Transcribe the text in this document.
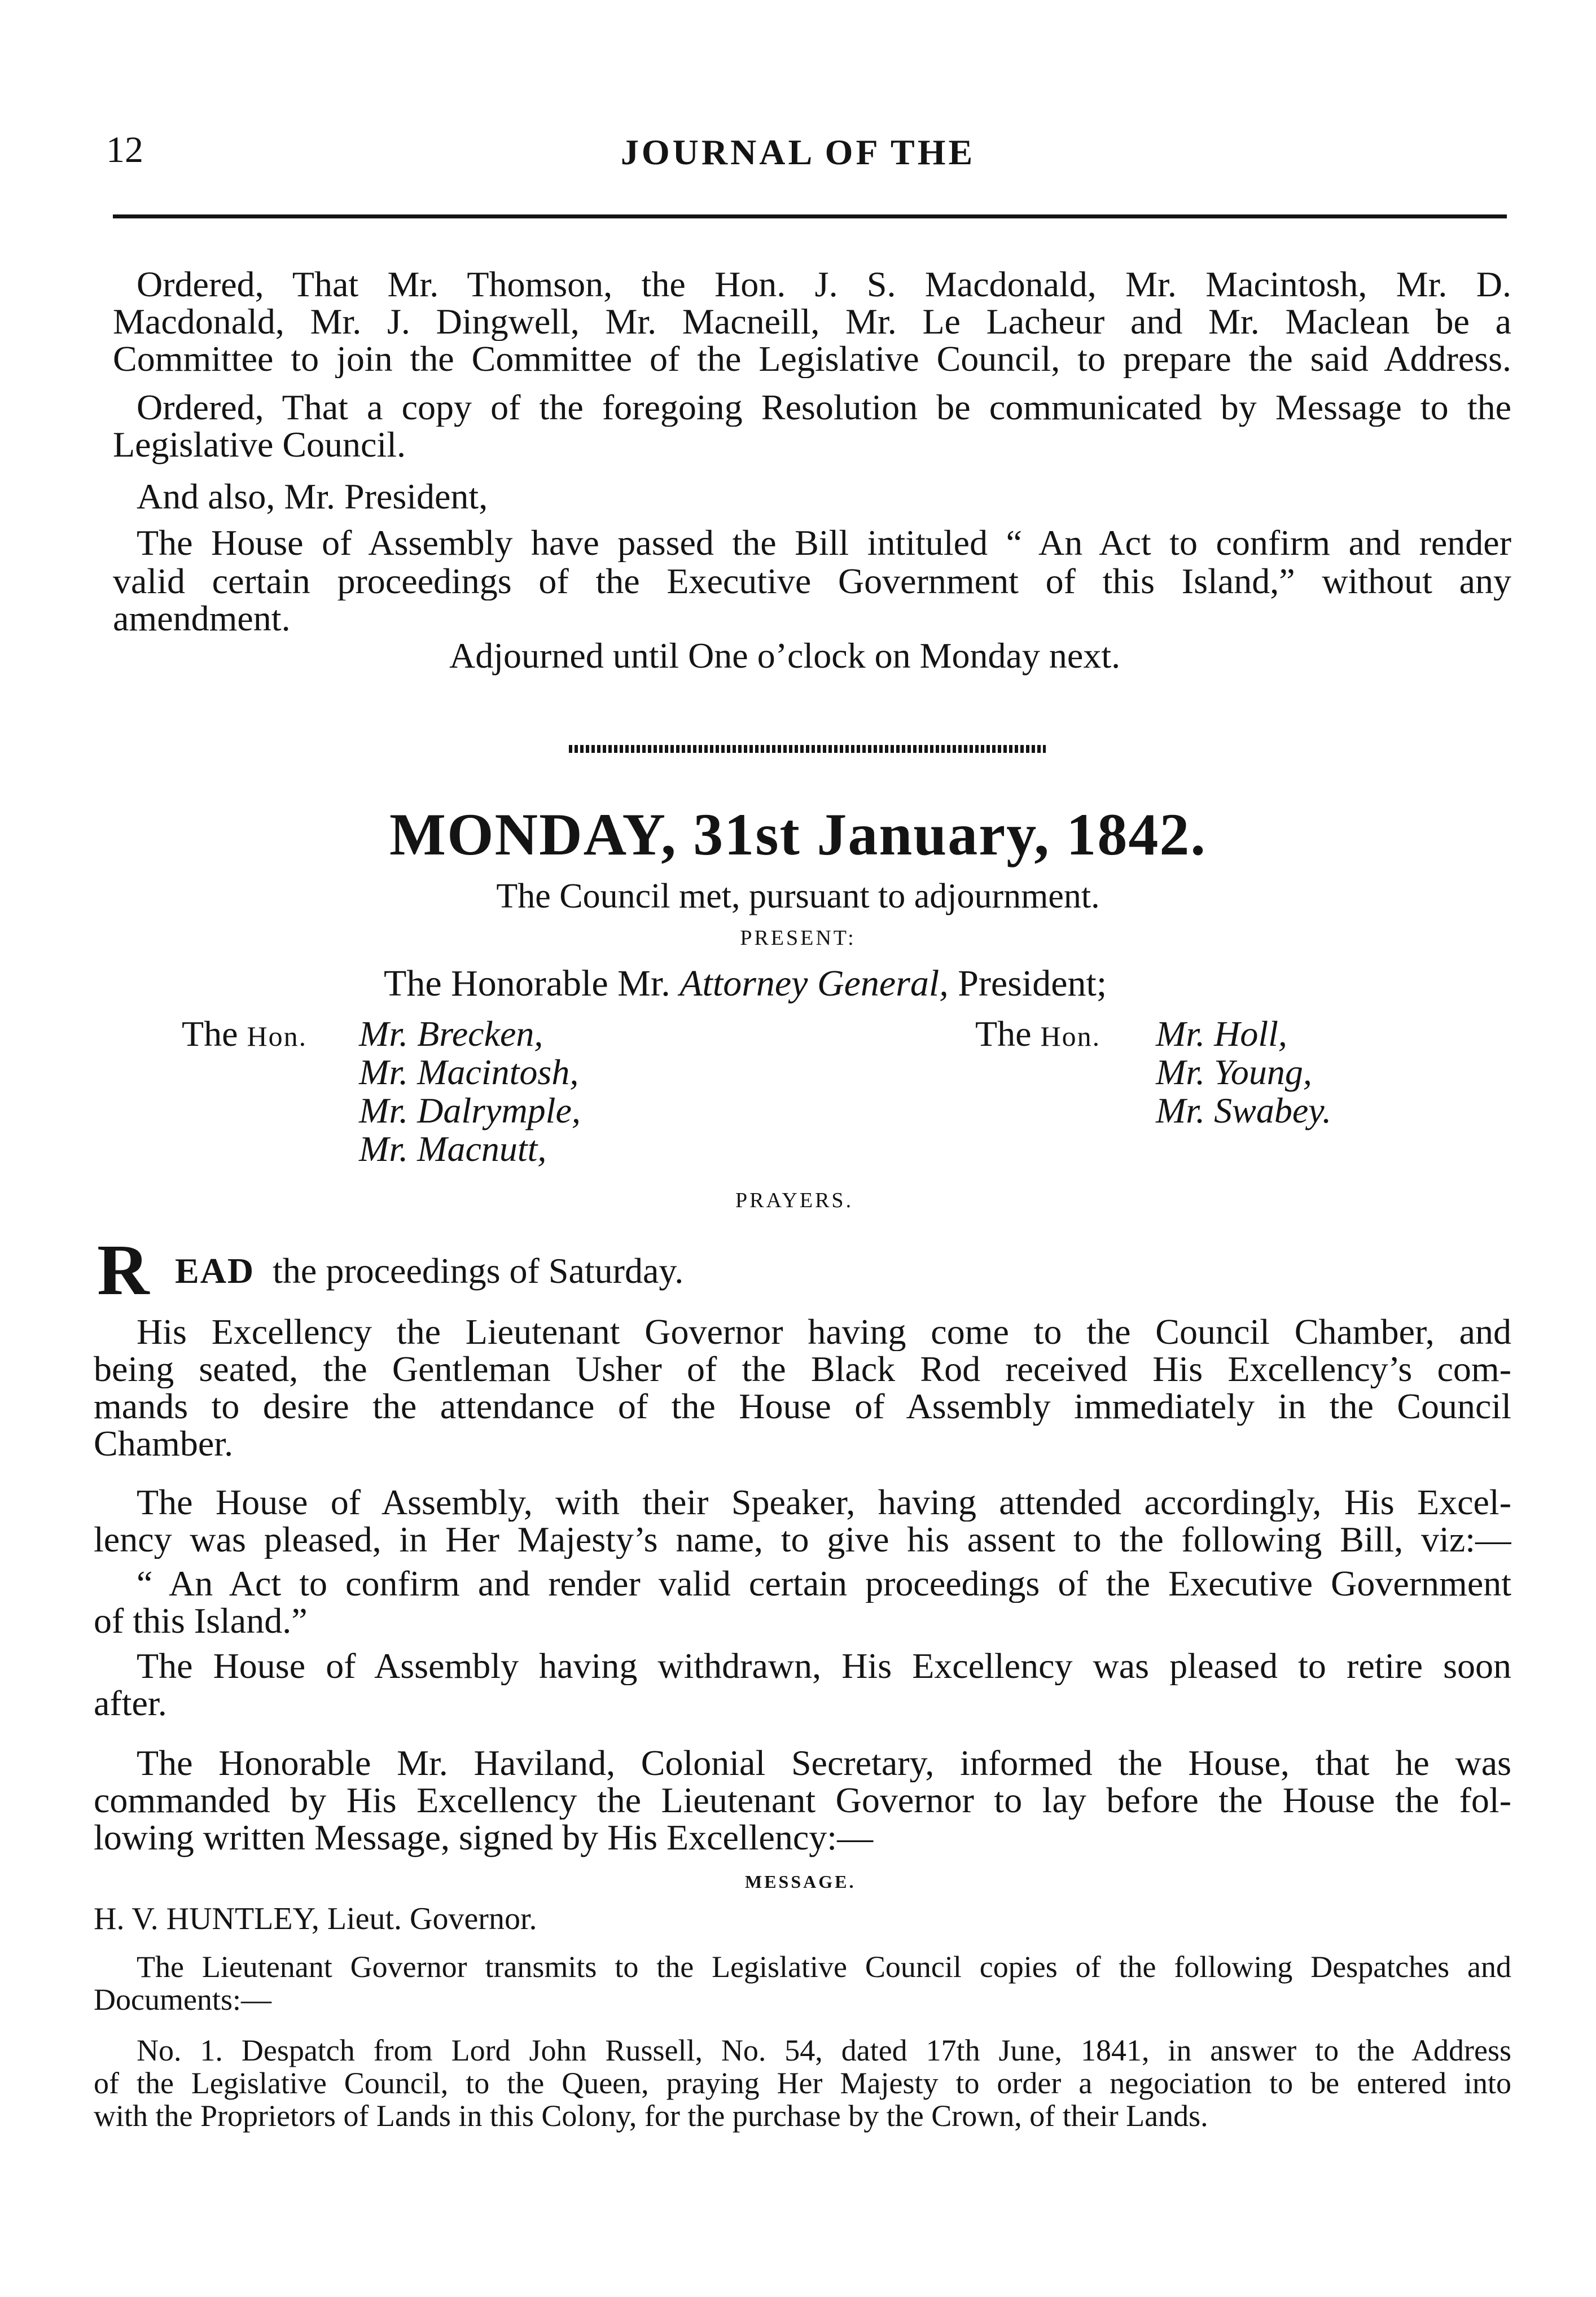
12	JOURNAL OF THE
Ordered, That Mr. Thomson, the Hon. J. S. Macdonald, Mr. Macintosh, Mr. D.
Macdonald, Mr. J. Dingwell, Mr. Macneill, Mr. Le Lacheur and Mr. Maclean be a
Committee to join the Committee of the Legislative Council, to prepare the said Address.
Ordered, That a copy of the foregoing Resolution be communicated by Message to the
Legislative Council.
And also, Mr. President,
The House of Assembly have passed the Bill intituled “ An Act to confirm and render
valid certain proceedings of the Executive Government of this Island,” without any
amendment.
Adjourned until One o’clock on Monday next.
MONDAY, 31st January, 1842.
The Council met, pursuant to adjournment.
PRESENT:
The Honorable Mr. Attorney General, President;
The Hon. Mr. Brecken,
Mr. Macintosh,
Mr. Dalrymple,
Mr. Macnutt,
The Hon. Mr. Holl,
Mr. Young,
Mr. Swabey.
PRAYERS.
R EAD the proceedings of Saturday.
His Excellency the Lieutenant Governor having come to the Council Chamber, and
being seated, the Gentleman Usher of the Black Rod received His Excellency’s com-
mands to desire the attendance of the House of Assembly immediately in the Council
Chamber.
The House of Assembly, with their Speaker, having attended accordingly, His Excel-
lency was pleased, in Her Majesty’s name, to give his assent to the following Bill, viz:—
“ An Act to confirm and render valid certain proceedings of the Executive Government
of this Island.”
The House of Assembly having withdrawn, His Excellency was pleased to retire soon
after.
The Honorable Mr. Haviland, Colonial Secretary, informed the House, that he was
commanded by His Excellency the Lieutenant Governor to lay before the House the fol-
lowing written Message, signed by His Excellency:—
MESSAGE.
H. V. HUNTLEY, Lieut. Governor.
The Lieutenant Governor transmits to the Legislative Council copies of the following Despatches and
Documents:—
No. 1. Despatch from Lord John Russell, No. 54, dated 17th June, 1841, in answer to the Address
of the Legislative Council, to the Queen, praying Her Majesty to order a negociation to be entered into
with the Proprietors of Lands in this Colony, for the purchase by the Crown, of their Lands.
